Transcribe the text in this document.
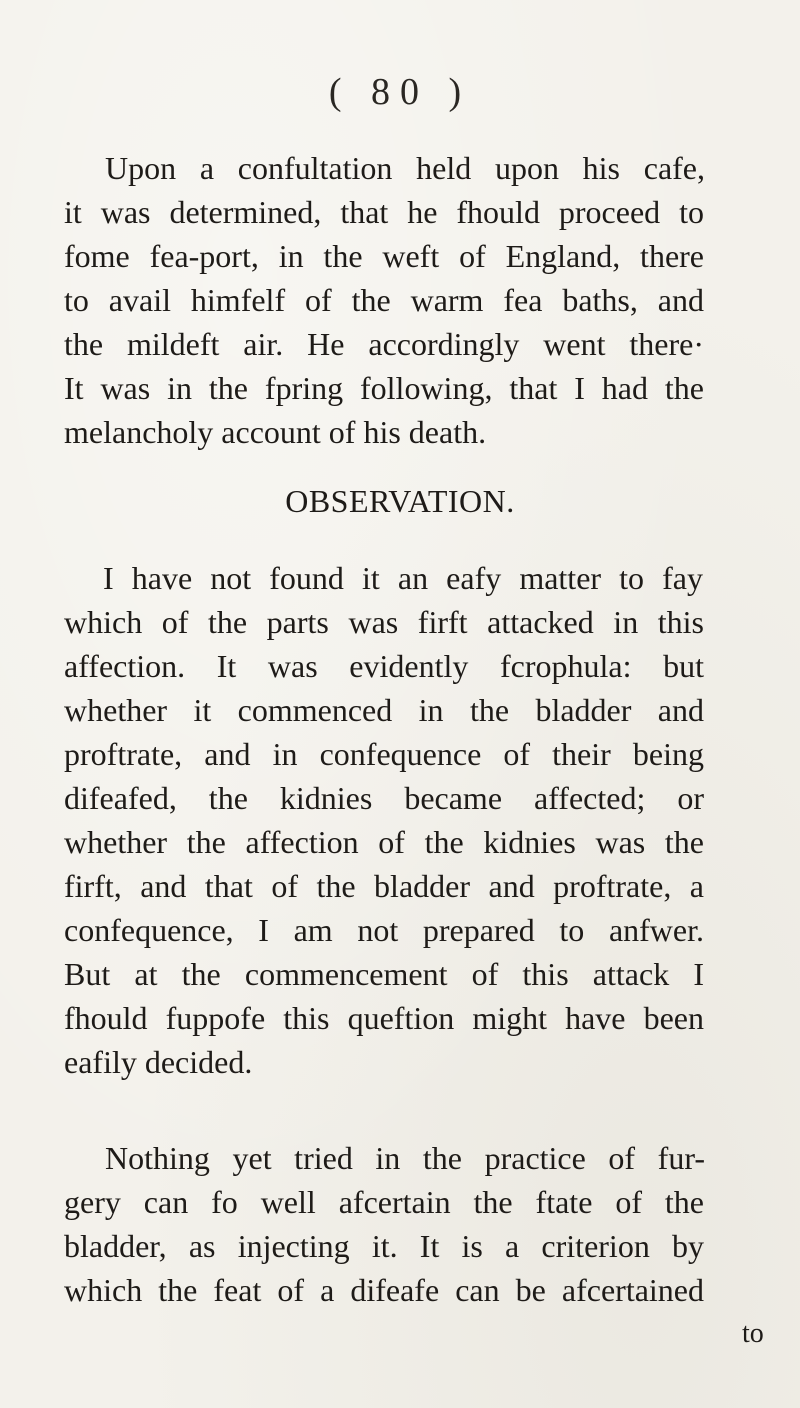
( 80 )
Upon a confultation held upon his cafe,
it was determined, that he fhould proceed to
fome fea-port, in the weft of England, there
to avail himfelf of the warm fea baths, and
the mildeft air. He accordingly went there·
It was in the fpring following, that I had the
melancholy account of his death.
OBSERVATION.
I have not found it an eafy matter to fay
which of the parts was firft attacked in this
affection. It was evidently fcrophula: but
whether it commenced in the bladder and
proftrate, and in confequence of their being
difeafed, the kidnies became affected; or
whether the affection of the kidnies was the
firft, and that of the bladder and proftrate, a
confequence, I am not prepared to anfwer.
But at the commencement of this attack I
fhould fuppofe this queftion might have been
eafily decided.
Nothing yet tried in the practice of fur-
gery can fo well afcertain the ftate of the
bladder, as injecting it. It is a criterion by
which the feat of a difeafe can be afcertained
to
